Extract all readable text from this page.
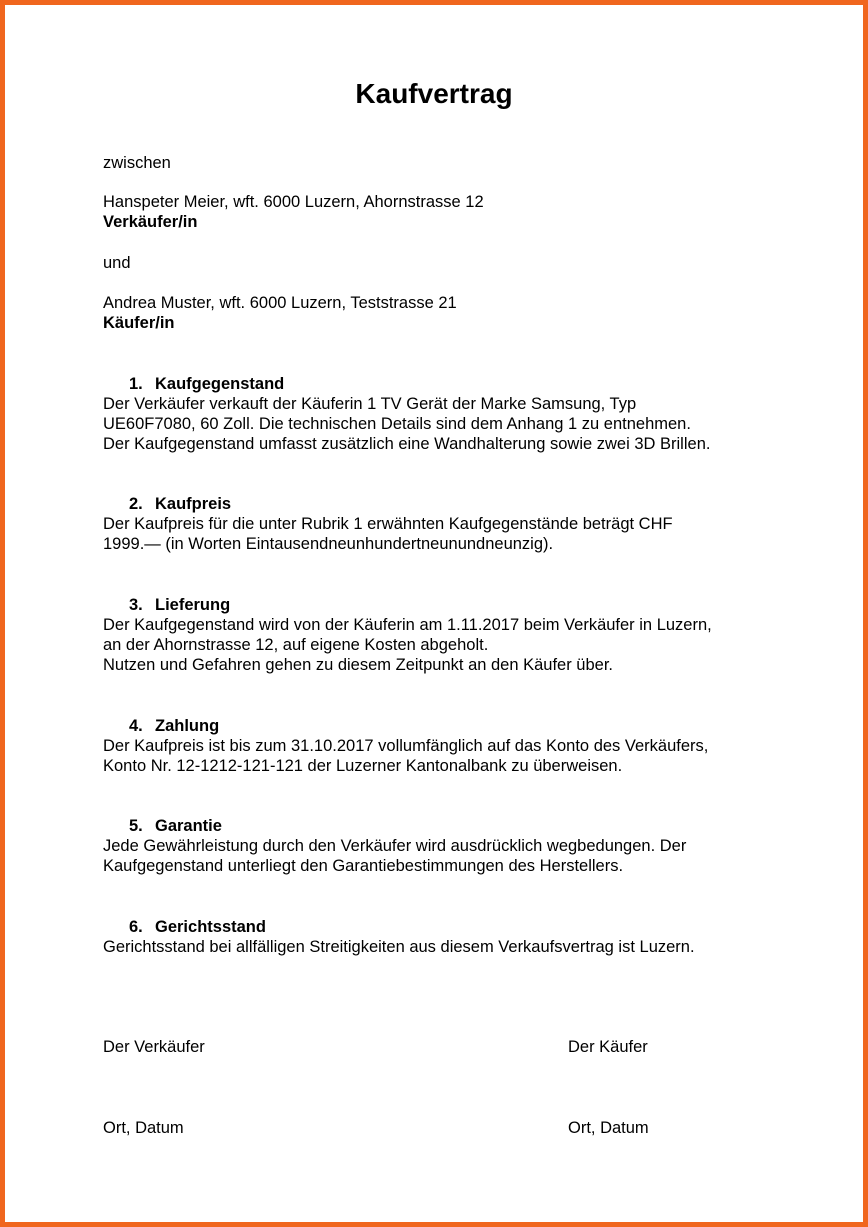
Kaufvertrag
zwischen
Hanspeter Meier, wft. 6000 Luzern, Ahornstrasse 12
Verkäufer/in
und
Andrea Muster, wft. 6000 Luzern, Teststrasse 21
Käufer/in
1. Kaufgegenstand
Der Verkäufer verkauft der Käuferin 1 TV Gerät der Marke Samsung, Typ
UE60F7080, 60 Zoll. Die technischen Details sind dem Anhang 1 zu entnehmen.
Der Kaufgegenstand umfasst zusätzlich eine Wandhalterung sowie zwei 3D Brillen.
2. Kaufpreis
Der Kaufpreis für die unter Rubrik 1 erwähnten Kaufgegenstände beträgt CHF
1999.— (in Worten Eintausendneunhundertneunundneunzig).
3. Lieferung
Der Kaufgegenstand wird von der Käuferin am 1.11.2017 beim Verkäufer in Luzern,
an der Ahornstrasse 12, auf eigene Kosten abgeholt.
Nutzen und Gefahren gehen zu diesem Zeitpunkt an den Käufer über.
4. Zahlung
Der Kaufpreis ist bis zum 31.10.2017 vollumfänglich auf das Konto des Verkäufers,
Konto Nr. 12-1212-121-121 der Luzerner Kantonalbank zu überweisen.
5. Garantie
Jede Gewährleistung durch den Verkäufer wird ausdrücklich wegbedungen. Der
Kaufgegenstand unterliegt den Garantiebestimmungen des Herstellers.
6. Gerichtsstand
Gerichtsstand bei allfälligen Streitigkeiten aus diesem Verkaufsvertrag ist Luzern.
Der Verkäufer	Der Käufer
Ort, Datum	Ort, Datum
